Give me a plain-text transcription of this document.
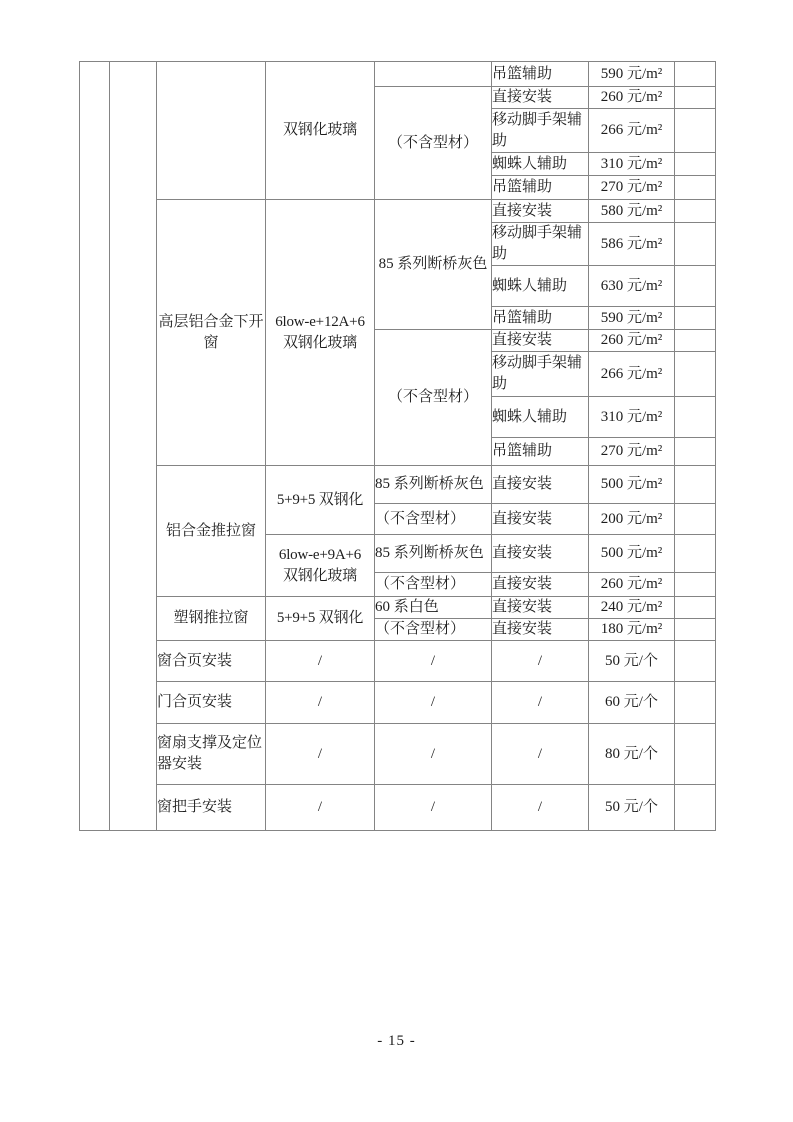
			双钢化玻璃		吊篮辅助	590 元/m²	
				（不含型材）	直接安装	260 元/m²	
					移动脚手架辅助	266 元/m²	
					蜘蛛人辅助	310 元/m²	
					吊篮辅助	270 元/m²	
		高层铝合金下开窗	6low-e+12A+6 双钢化玻璃	85 系列断桥灰色	直接安装	580 元/m²	
					移动脚手架辅助	586 元/m²	
					蜘蛛人辅助	630 元/m²	
					吊篮辅助	590 元/m²	
				（不含型材）	直接安装	260 元/m²	
					移动脚手架辅助	266 元/m²	
					蜘蛛人辅助	310 元/m²	
					吊篮辅助	270 元/m²	
		铝合金推拉窗	5+9+5 双钢化	85 系列断桥灰色	直接安装	500 元/m²	
				（不含型材）	直接安装	200 元/m²	
			6low-e+9A+6 双钢化玻璃	85 系列断桥灰色	直接安装	500 元/m²	
				（不含型材）	直接安装	260 元/m²	
		塑钢推拉窗	5+9+5 双钢化	60 系白色	直接安装	240 元/m²	
				（不含型材）	直接安装	180 元/m²	
		窗合页安装	/	/	/	50 元/个	
		门合页安装	/	/	/	60 元/个	
		窗扇支撑及定位器安装	/	/	/	80 元/个	
		窗把手安装	/	/	/	50 元/个	
- 15 -
